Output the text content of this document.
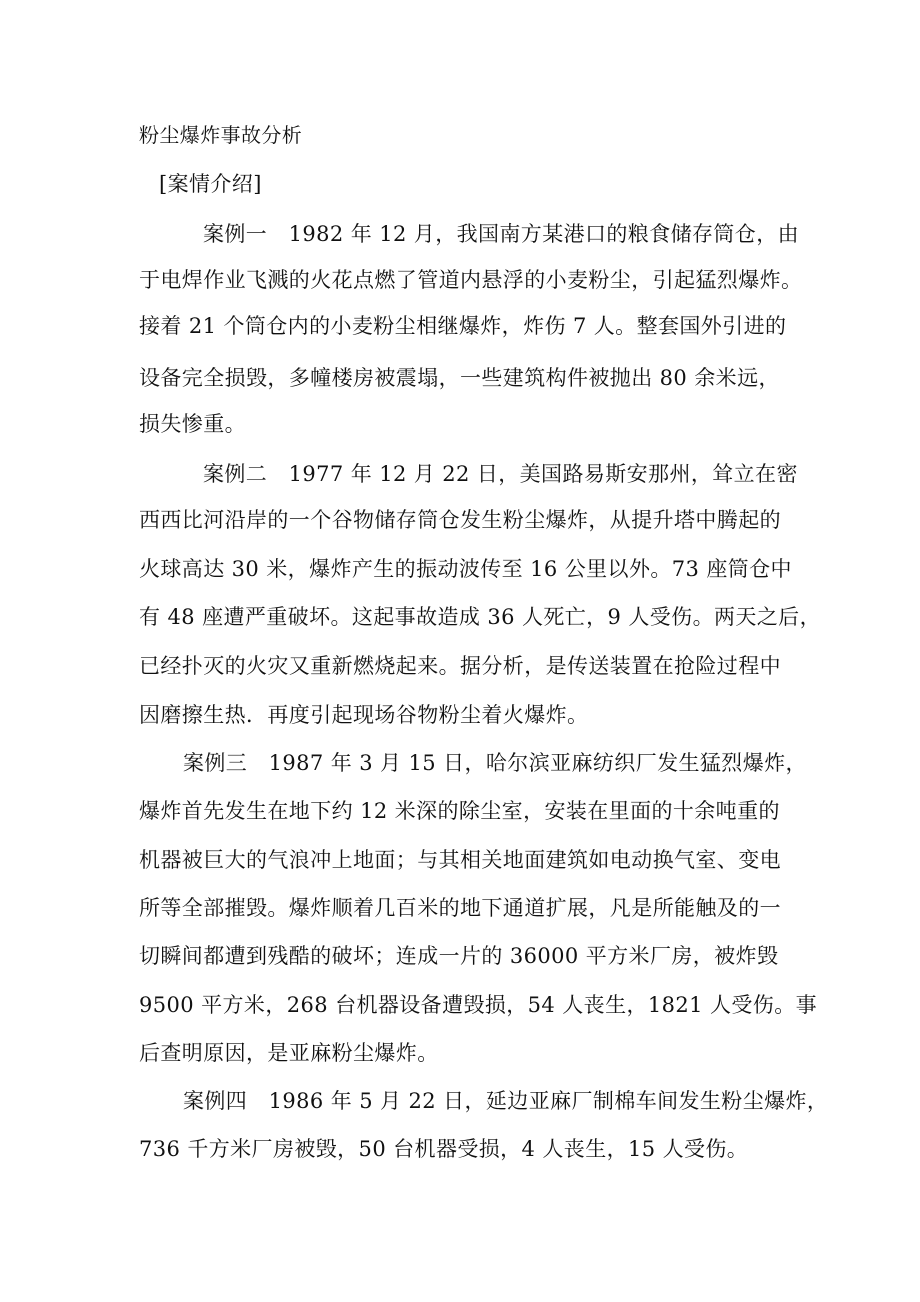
粉尘爆炸事故分析
[案情介绍]
案例一　1982 年 12 月，我国南方某港口的粮食储存筒仓，由
于电焊作业飞溅的火花点燃了管道内悬浮的小麦粉尘，引起猛烈爆炸。
接着 21 个筒仓内的小麦粉尘相继爆炸，炸伤 7 人。整套国外引进的
设备完全损毁，多幢楼房被震塌，一些建筑构件被抛出 80 余米远，
损失惨重。
案例二　1977 年 12 月 22 日，美国路易斯安那州，耸立在密
西西比河沿岸的一个谷物储存筒仓发生粉尘爆炸，从提升塔中腾起的
火球高达 30 米，爆炸产生的振动波传至 16 公里以外。73 座筒仓中
有 48 座遭严重破坏。这起事故造成 36 人死亡，9 人受伤。两天之后，
已经扑灭的火灾又重新燃烧起来。据分析，是传送装置在抢险过程中
因磨擦生热．再度引起现场谷物粉尘着火爆炸。
案例三　1987 年 3 月 15 日，哈尔滨亚麻纺织厂发生猛烈爆炸，
爆炸首先发生在地下约 12 米深的除尘室，安装在里面的十余吨重的
机器被巨大的气浪冲上地面；与其相关地面建筑如电动换气室、变电
所等全部摧毁。爆炸顺着几百米的地下通道扩展，凡是所能触及的一
切瞬间都遭到残酷的破坏；连成一片的 36000 平方米厂房，被炸毁
9500 平方米，268 台机器设备遭毁损，54 人丧生，1821 人受伤。事
后查明原因，是亚麻粉尘爆炸。
案例四　1986 年 5 月 22 日，延边亚麻厂制棉车间发生粉尘爆炸，
736 千方米厂房被毁，50 台机器受损，4 人丧生，15 人受伤。
